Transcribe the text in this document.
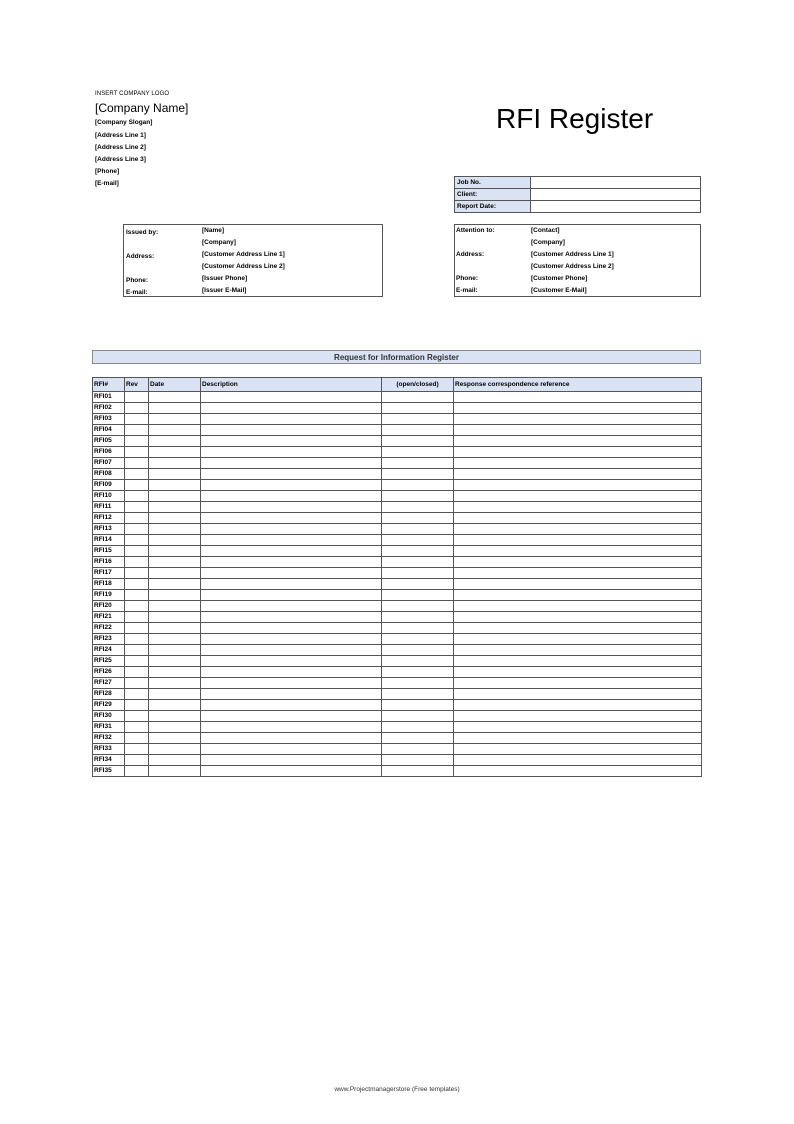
INSERT COMPANY LOGO
[Company Name]
[Company Slogan]
[Address Line 1]
[Address Line 2]
[Address Line 3]
[Phone]
[E-mail]
RFI Register
Job No.	
Client:	
Report Date:	
Issued by:	[Name]
[Company]
Address:	[Customer Address Line 1]
[Customer Address Line 2]
Phone:	[Issuer Phone]
E-mail:	[Issuer E-Mail]
Attention to:	[Contact]
[Company]
Address:	[Customer Address Line 1]
[Customer Address Line 2]
Phone:	[Customer Phone]
E-mail:	[Customer E-Mail]
Request for Information Register
RFI#	Rev	Date	Description	(open/closed)	Response correspondence reference
RFI01					
RFI02					
RFI03					
RFI04					
RFI05					
RFI06					
RFI07					
RFI08					
RFI09					
RFI10					
RFI11					
RFI12					
RFI13					
RFI14					
RFI15					
RFI16					
RFI17					
RFI18					
RFI19					
RFI20					
RFI21					
RFI22					
RFI23					
RFI24					
RFI25					
RFI26					
RFI27					
RFI28					
RFI29					
RFI30					
RFI31					
RFI32					
RFI33					
RFI34					
RFI35					
www.Projectmanagerstore (Free templates)
